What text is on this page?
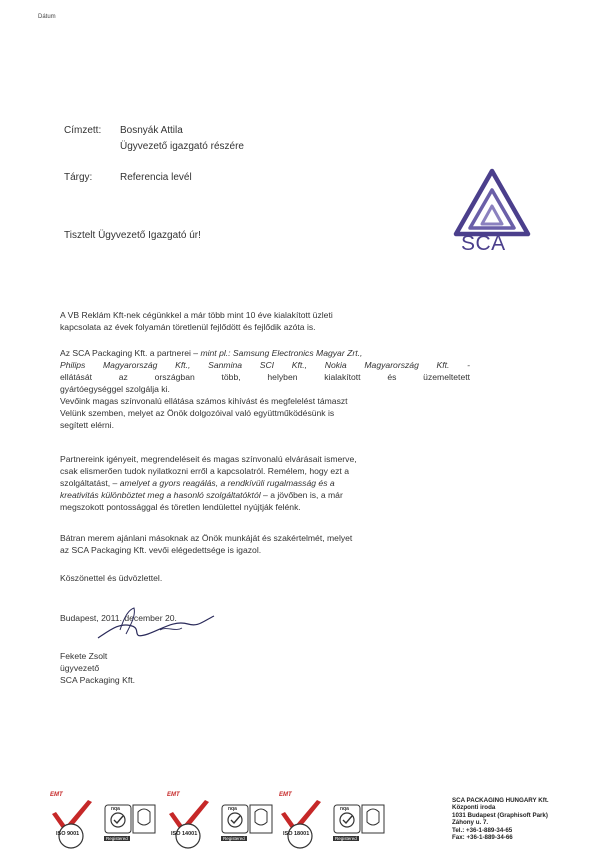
Dátum
Címzett: Bosnyák Attila
Ügyvezető igazgató részére
Tárgy:	Referencia levél
SCA
Tisztelt Ügyvezető Igazgató úr!
A VB Reklám Kft-nek cégünkkel a már több mint 10 éve kialakított üzleti
kapcsolata az évek folyamán töretlenül fejlődött és fejlődik azóta is.
Az SCA Packaging Kft. a partnerei – mint pl.: Samsung Electronics Magyar Zrt.,
Philips Magyarország Kft., Sanmina SCI Kft., Nokia Magyarország Kft. -
ellátását az országban több, helyben kialakított és üzemeltetett
gyártóegységgel szolgálja ki.
Vevőink magas színvonalú ellátása számos kihívást és megfelelést támaszt
Velünk szemben, melyet az Önök dolgozóival való együttműködésünk is
segített elérni.
Partnereink igényeit, megrendeléseit és magas színvonalú elvárásait ismerve,
csak elismerően tudok nyilatkozni erről a kapcsolatról. Remélem, hogy ezt a
szolgáltatást, – amelyet a gyors reagálás, a rendkívüli rugalmasság és a
kreativitás különböztet meg a hasonló szolgáltatóktól – a jövőben is, a már
megszokott pontossággal és töretlen lendülettel nyújtják felénk.
Bátran merem ajánlani másoknak az Önök munkáját és szakértelmét, melyet
az SCA Packaging Kft. vevői elégedettsége is igazol.
Köszönettel és üdvözlettel.
Budapest, 2011. december 20.
Fekete Zsolt
ügyvezető
SCA Packaging Kft.
EMT
ISO 9001
nqa
Registered
EMT
ISO 14001
nqa
Registered
EMT
ISO 18001
nqa
Registered
SCA PACKAGING HUNGARY Kft.
Központi iroda
1031 Budapest (Graphisoft Park)
Záhony u. 7.
Tel.: +36-1-889-34-65
Fax: +36-1-889-34-66
